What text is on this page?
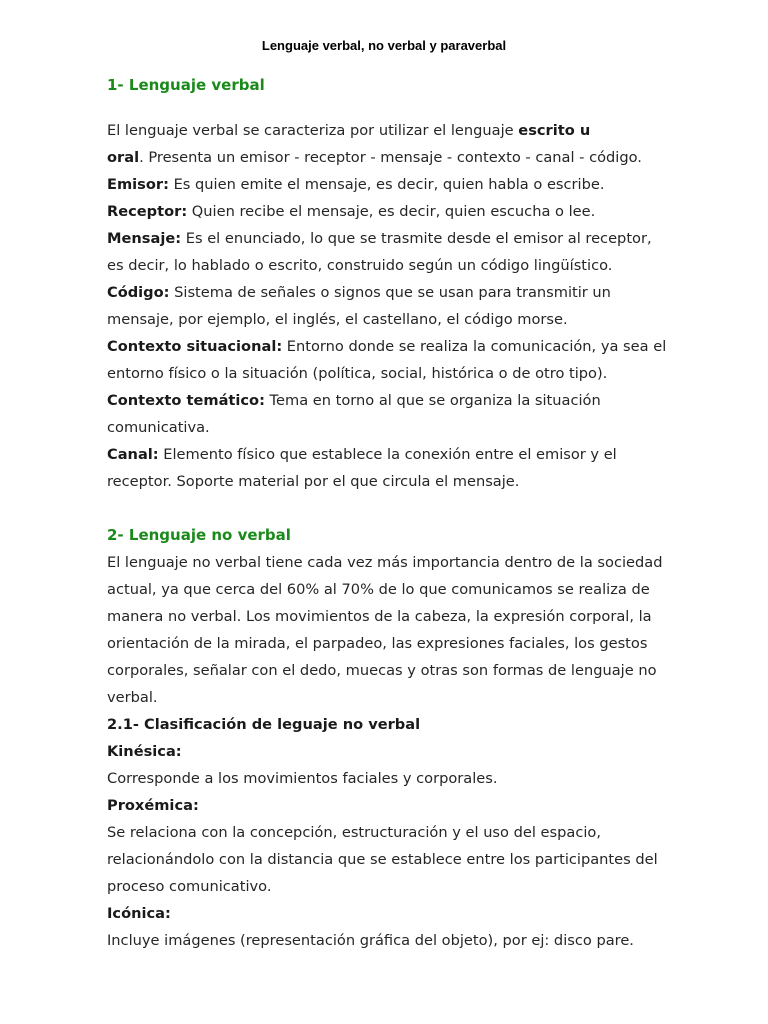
Lenguaje verbal, no verbal y paraverbal

1- Lenguaje verbal

El lenguaje verbal se caracteriza por utilizar el lenguaje escrito u
oral. Presenta un emisor - receptor - mensaje - contexto - canal - código.

Emisor: Es quien emite el mensaje, es decir, quien habla o escribe.

Receptor: Quien recibe el mensaje, es decir, quien escucha o lee.

Mensaje: Es el enunciado, lo que se trasmite desde el emisor al receptor, es decir, lo hablado o escrito, construido según un código lingüístico.

Código: Sistema de señales o signos que se usan para transmitir un mensaje, por ejemplo, el inglés, el castellano, el código morse.

Contexto situacional: Entorno donde se realiza la comunicación, ya sea el entorno físico o la situación (política, social, histórica o de otro tipo).

Contexto temático: Tema en torno al que se organiza la situación comunicativa.

Canal: Elemento físico que establece la conexión entre el emisor y el receptor. Soporte material por el que circula el mensaje.

2- Lenguaje no verbal

El lenguaje no verbal tiene cada vez más importancia dentro de la sociedad actual, ya que cerca del 60% al 70% de lo que comunicamos se realiza de manera no verbal. Los movimientos de la cabeza, la expresión corporal, la orientación de la mirada, el parpadeo, las expresiones faciales, los gestos corporales, señalar con el dedo, muecas y otras son formas de lenguaje no verbal.

2.1- Clasificación de leguaje no verbal

Kinésica:

Corresponde a los movimientos faciales y corporales.

Proxémica:

Se relaciona con la concepción, estructuración y el uso del espacio, relacionándolo con la distancia que se establece entre los participantes del proceso comunicativo.

Icónica:

Incluye imágenes (representación gráfica del objeto), por ej: disco pare.
